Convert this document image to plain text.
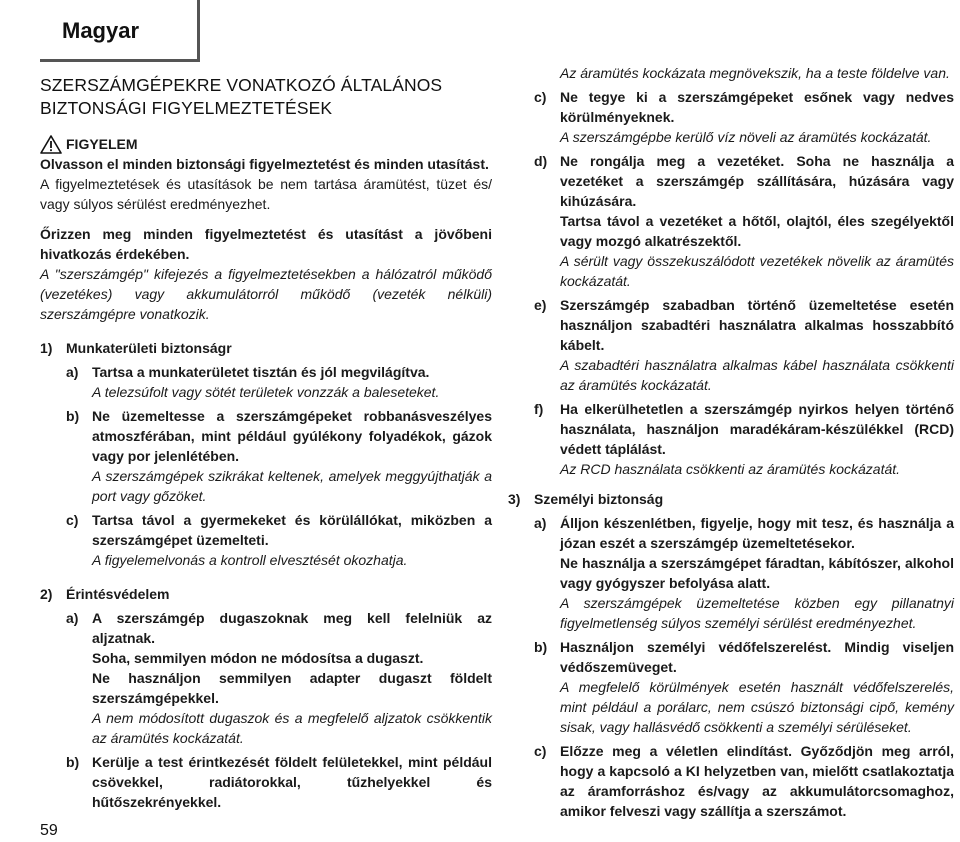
Magyar
SZERSZÁMGÉPEKRE VONATKOZÓ ÁLTALÁNOS
BIZTONSÁGI FIGYELMEZTETÉSEK
FIGYELEM

Olvasson el minden biztonsági figyelmeztetést és minden utasítást.

A figyelmeztetések és utasítások be nem tartása áramütést, tüzet és/ vagy súlyos sérülést eredményezhet.

Őrizzen meg minden figyelmeztetést és utasítást a jövőbeni hivatkozás érdekében.

A "szerszámgép" kifejezés a figyelmeztetésekben a hálózatról működő (vezetékes) vagy akkumulátorról működő (vezeték nélküli) szerszámgépre vonatkozik.

1) Munkaterületi biztonságr
a) Tartsa a munkaterületet tisztán és jól megvilágítva.

A telezsúfolt vagy sötét területek vonzzák a baleseteket.

b) Ne üzemeltesse a szerszámgépeket robbanásveszélyes atmoszférában, mint például gyúlékony folyadékok, gázok vagy por jelenlétében.

A szerszámgépek szikrákat keltenek, amelyek meggyújthatják a port vagy gőzöket.

c) Tartsa távol a gyermekeket és körülállókat, miközben a szerszámgépet üzemelteti.

A figyelemelvonás a kontroll elvesztését okozhatja.

2) Érintésvédelem
a) A szerszámgép dugaszoknak meg kell felelniük az aljzatnak.

Soha, semmilyen módon ne módosítsa a dugaszt.

Ne használjon semmilyen adapter dugaszt földelt szerszámgépekkel.

A nem módosított dugaszok és a megfelelő aljzatok csökkentik az áramütés kockázatát.

b) Kerülje a test érintkezését földelt felületekkel, mint például csövekkel, radiátorokkal, tűzhelyekkel és hűtőszekrényekkel.

Az áramütés kockázata megnövekszik, ha a teste földelve van.

c) Ne tegye ki a szerszámgépeket esőnek vagy nedves körülményeknek.

A szerszámgépbe kerülő víz növeli az áramütés kockázatát.

d) Ne rongálja meg a vezetéket. Soha ne használja a vezetéket a szerszámgép szállítására, húzására vagy kihúzására.

Tartsa távol a vezetéket a hőtől, olajtól, éles szegélyektől vagy mozgó alkatrészektől.

A sérült vagy összekuszálódott vezetékek növelik az áramütés kockázatát.

e) Szerszámgép szabadban történő üzemeltetése esetén használjon szabadtéri használatra alkalmas hosszabbító kábelt.

A szabadtéri használatra alkalmas kábel használata csökkenti az áramütés kockázatát.

f)	Ha elkerülhetetlen a szerszámgép nyirkos helyen történő használata, használjon maradékáram-készülékkel (RCD) védett táplálást.

Az RCD használata csökkenti az áramütés kockázatát.

3) Személyi biztonság
a) Álljon készenlétben, figyelje, hogy mit tesz, és használja a józan eszét a szerszámgép üzemeltetésekor.

Ne használja a szerszámgépet fáradtan, kábítószer, alkohol vagy gyógyszer befolyása alatt.

A szerszámgépek üzemeltetése közben egy pillanatnyi figyelmetlenség súlyos személyi sérülést eredményezhet.

b) Használjon személyi védőfelszerelést. Mindig viseljen védőszemüveget.

A megfelelő körülmények esetén használt védőfelszerelés, mint például a porálarc, nem csúszó biztonsági cipő, kemény sisak, vagy hallásvédő csökkenti a személyi sérüléseket.

c) Előzze meg a véletlen elindítást. Győződjön meg arról, hogy a kapcsoló a KI helyzetben van, mielőtt csatlakoztatja az áramforráshoz és/vagy az akkumulátorcsomaghoz, amikor felveszi vagy szállítja a szerszámot.

59
